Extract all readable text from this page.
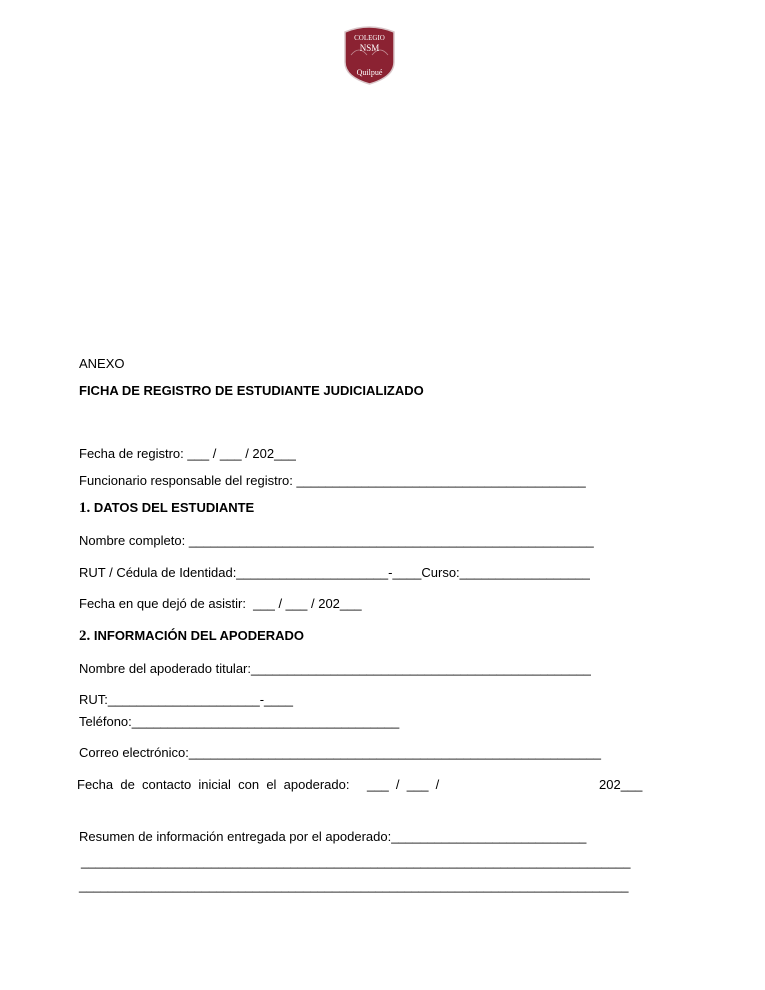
COLEGIO
NSM
Quilpué
ANEXO
FICHA DE REGISTRO DE ESTUDIANTE JUDICIALIZADO
Fecha de registro: ___ / ___ / 202___
Funcionario responsable del registro: ________________________________________
1. DATOS DEL ESTUDIANTE
Nombre completo: ________________________________________________________
RUT / Cédula de Identidad:_____________________-____Curso:__________________
Fecha en que dejó de asistir:  ___ / ___ / 202___
2. INFORMACIÓN DEL APODERADO
Nombre del apoderado titular:_______________________________________________
RUT:_____________________-____
Teléfono:_____________________________________
Correo electrónico:_________________________________________________________
Fecha  de  contacto  inicial  con  el  apoderado: ___  /  ___  /	202___
Resumen de información entregada por el apoderado:___________________________
____________________________________________________________________________
____________________________________________________________________________
